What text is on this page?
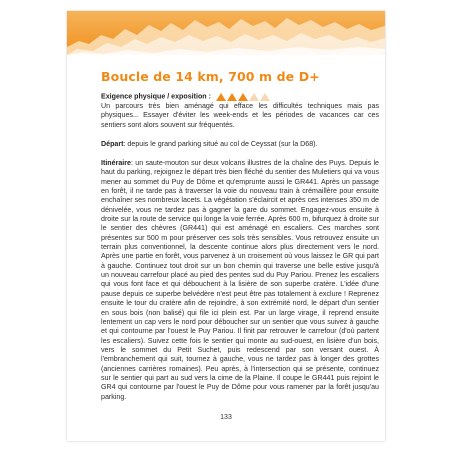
Boucle de 14 km, 700 m de D+

Exigence physique / exposition :

Un parcours très bien aménagé qui efface les difficultés techniques mais pas physiques... Essayer d'éviter les week-ends et les périodes de vacances car ces sentiers sont alors souvent sur fréquentés.

Départ: depuis le grand parking situé au col de Ceyssat (sur la D68).

Itinéraire: un saute-mouton sur deux volcans illustres de la chaîne des Puys. Depuis le haut du parking, rejoignez le départ très bien fléché du sentier des Muletiers qui va vous mener au sommet du Puy de Dôme et qu'emprunte aussi le GR441. Après un passage en forêt, il ne tarde pas à traverser la voie du nouveau train à crémaillère pour ensuite enchaîner ses nombreux lacets. La végétation s'éclaircit et après ces intenses 350 m de dénivelée, vous ne tardez pas à gagner la gare du sommet. Engagez-vous ensuite à droite sur la route de service qui longe la voie ferrée. Après 600 m, bifurquez à droite sur le sentier des chèvres (GR441) qui est aménagé en escaliers. Ces marches sont présentes sur 500 m pour préserver ces sols très sensibles. Vous retrouvez ensuite un terrain plus conventionnel, la descente continue alors plus directement vers le nord. Après une partie en forêt, vous parvenez à un croisement où vous laissez le GR qui part à gauche. Continuez tout droit sur un bon chemin qui traverse une belle estive jusqu'à un nouveau carrefour placé au pied des pentes sud du Puy Pariou. Prenez les escaliers qui vous font face et qui débouchent à la lisière de son superbe cratère. L'idée d'une pause depuis ce superbe belvédère n'est peut être pas totalement à exclure ! Reprenez ensuite le tour du cratère afin de rejoindre, à son extrémité nord, le départ d'un sentier en sous bois (non balisé) qui file ici plein est. Par un large virage, il reprend ensuite lentement un cap vers le nord pour déboucher sur un sentier que vous suivez à gauche et qui contourne par l'ouest le Puy Pariou. Il finit par retrouver le carrefour (d'où partent les escaliers). Suivez cette fois le sentier qui monte au sud-ouest, en lisière d'un bois, vers le sommet du Petit Suchet, puis redescend par son versant ouest. À l'embranchement qui suit, tournez à gauche, vous ne tardez pas à longer des grottes (anciennes carrières romaines). Peu après, à l'intersection qui se présente, continuez sur le sentier qui part au sud vers la cime de la Plaine. Il coupe le GR441 puis rejoint le GR4 qui contourne par l'ouest le Puy de Dôme pour vous ramener par la forêt jusqu'au parking.

133
